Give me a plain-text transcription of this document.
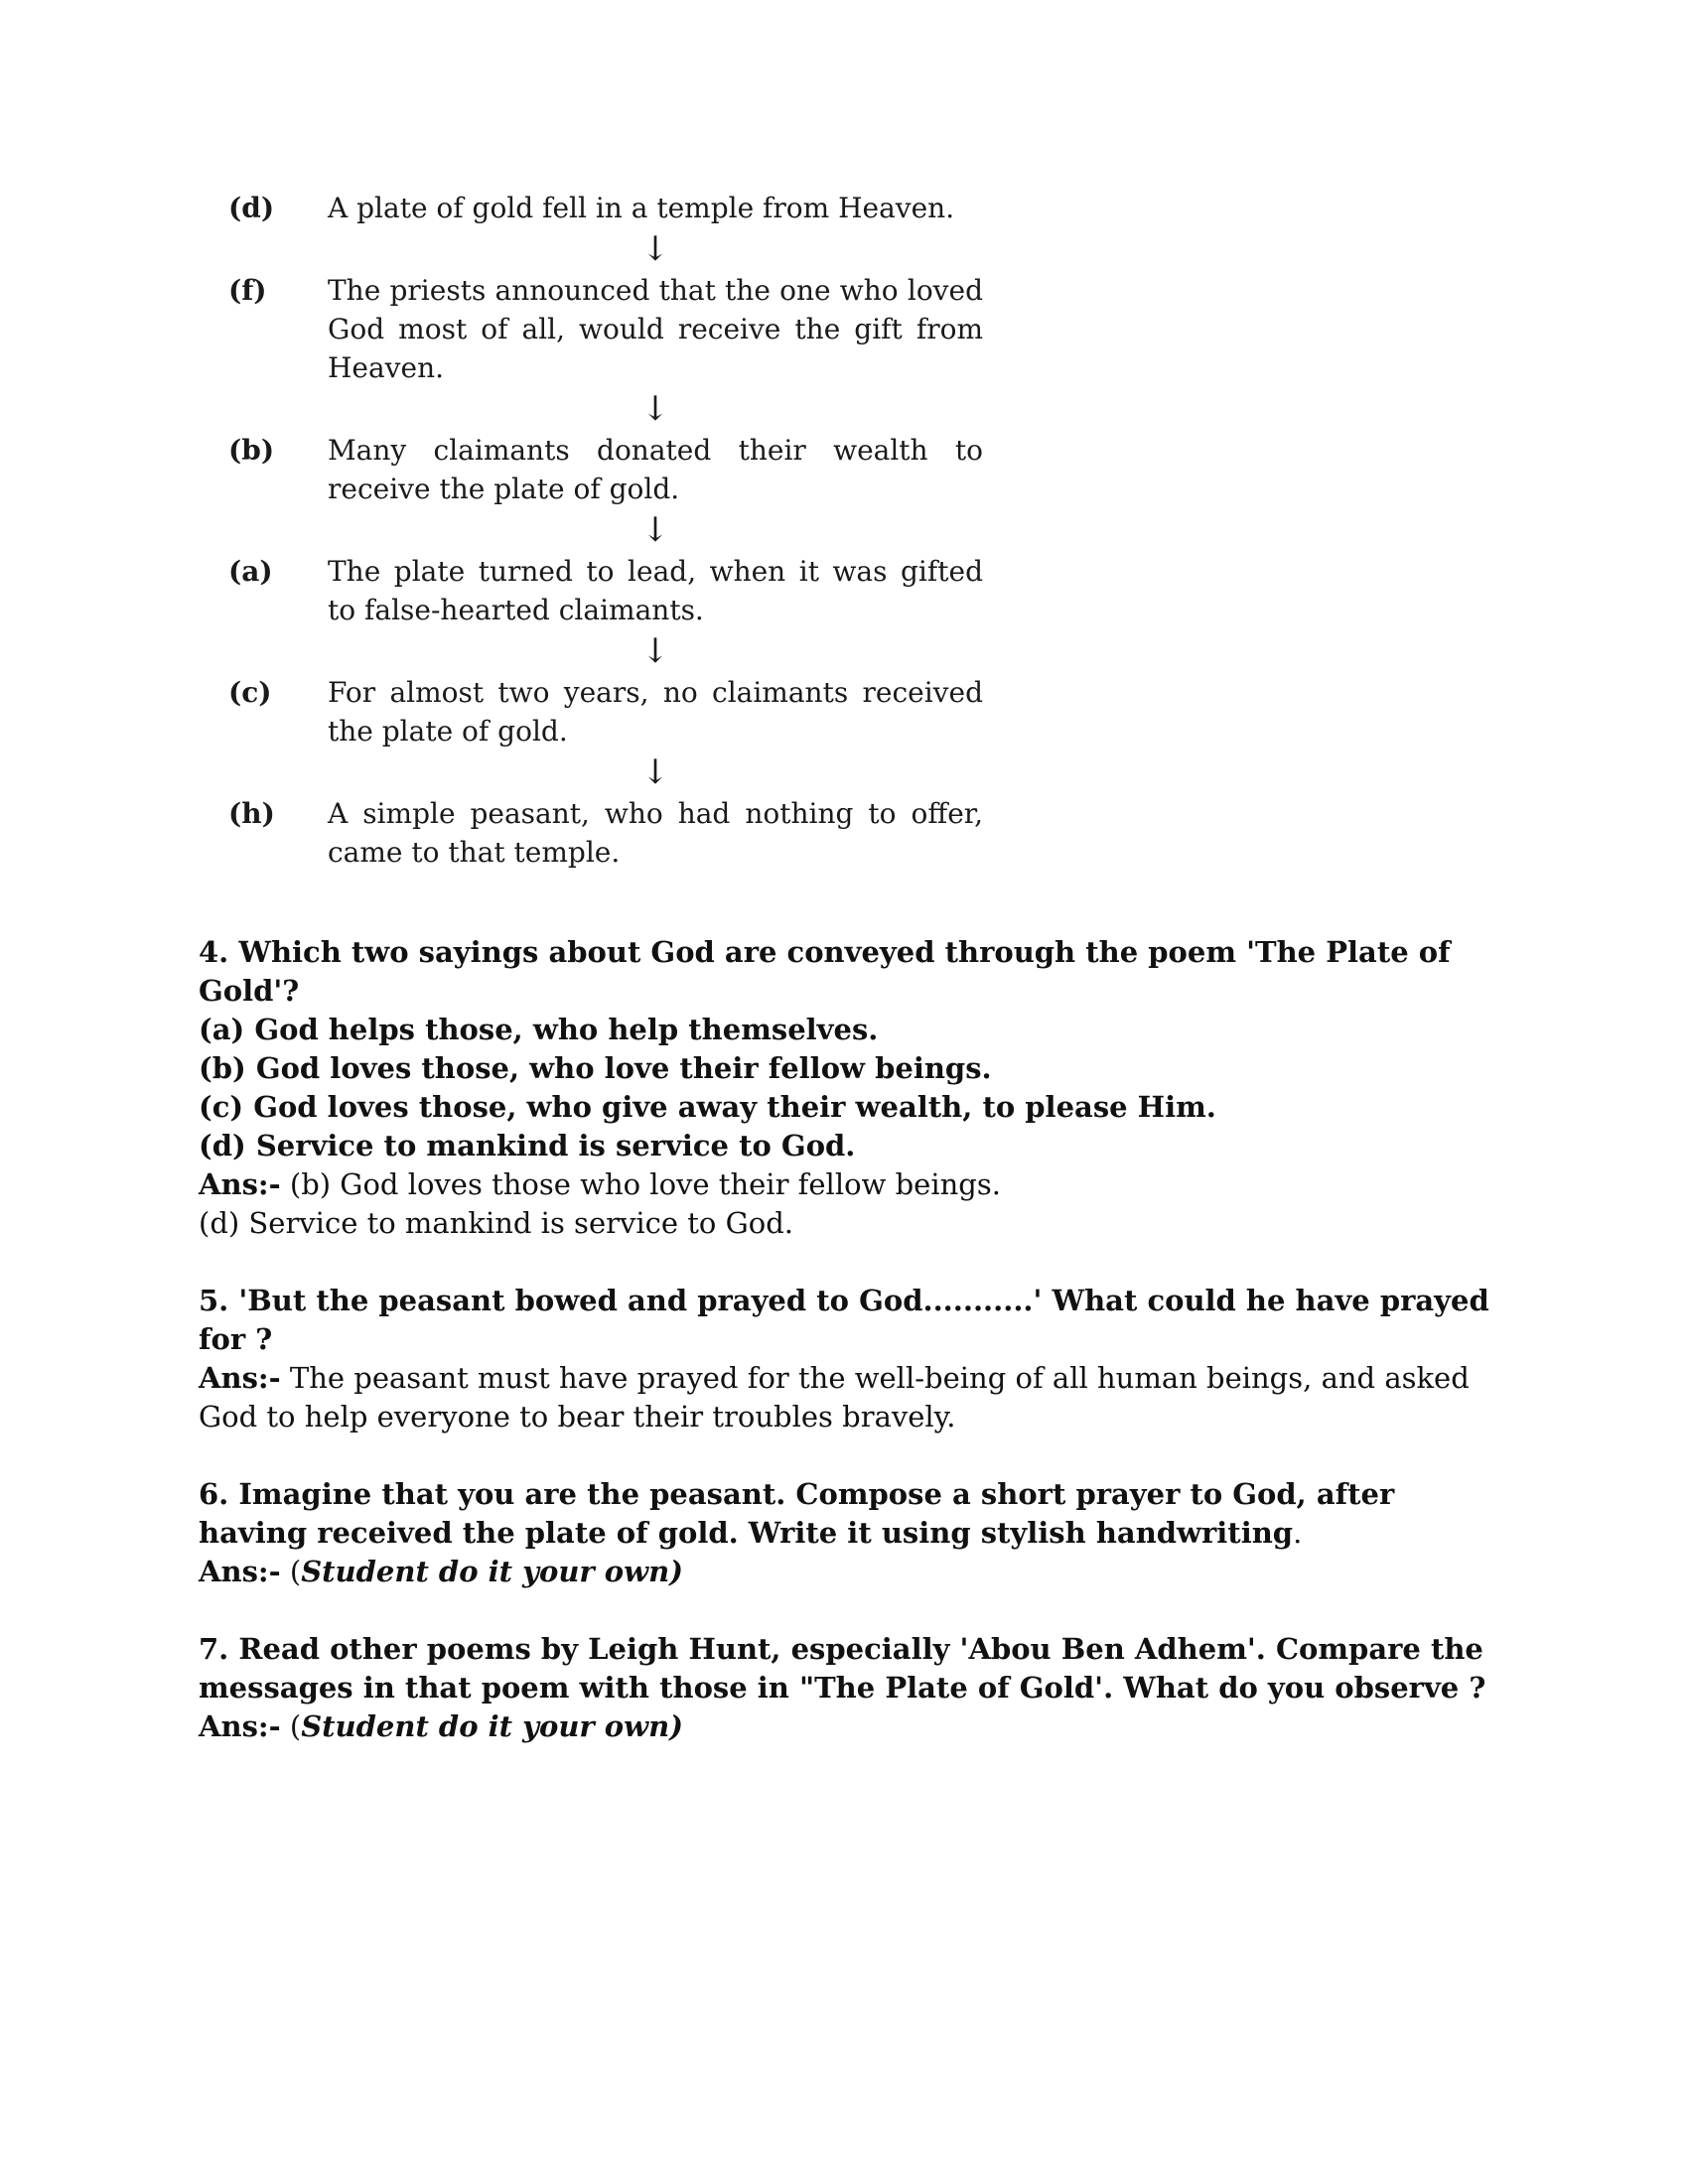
(d)	A plate of gold fell in a temple from Heaven.
↓
(f)	The priests announced that the one who loved God most of all, would receive the gift from Heaven.
↓
(b)	Many claimants donated their wealth to receive the plate of gold.
↓
(a)	The plate turned to lead, when it was gifted to false-hearted claimants.
↓
(c)	For almost two years, no claimants received the plate of gold.
↓
(h)	A simple peasant, who had nothing to offer, came to that temple.

4. Which two sayings about God are conveyed through the poem 'The Plate of Gold'?

(a) God helps those, who help themselves.

(b) God loves those, who love their fellow beings.

(c) God loves those, who give away their wealth, to please Him.

(d) Service to mankind is service to God.

Ans:- (b) God loves those who love their fellow beings.

(d) Service to mankind is service to God.

5. 'But the peasant bowed and prayed to God...........' What could he have prayed for ?

Ans:- The peasant must have prayed for the well-being of all human beings, and asked God to help everyone to bear their troubles bravely.

6. Imagine that you are the peasant. Compose a short prayer to God, after having received the plate of gold. Write it using stylish handwriting.

Ans:- (Student do it your own)

7. Read other poems by Leigh Hunt, especially 'Abou Ben Adhem'. Compare the messages in that poem with those in "The Plate of Gold'. What do you observe ?

Ans:- (Student do it your own)
